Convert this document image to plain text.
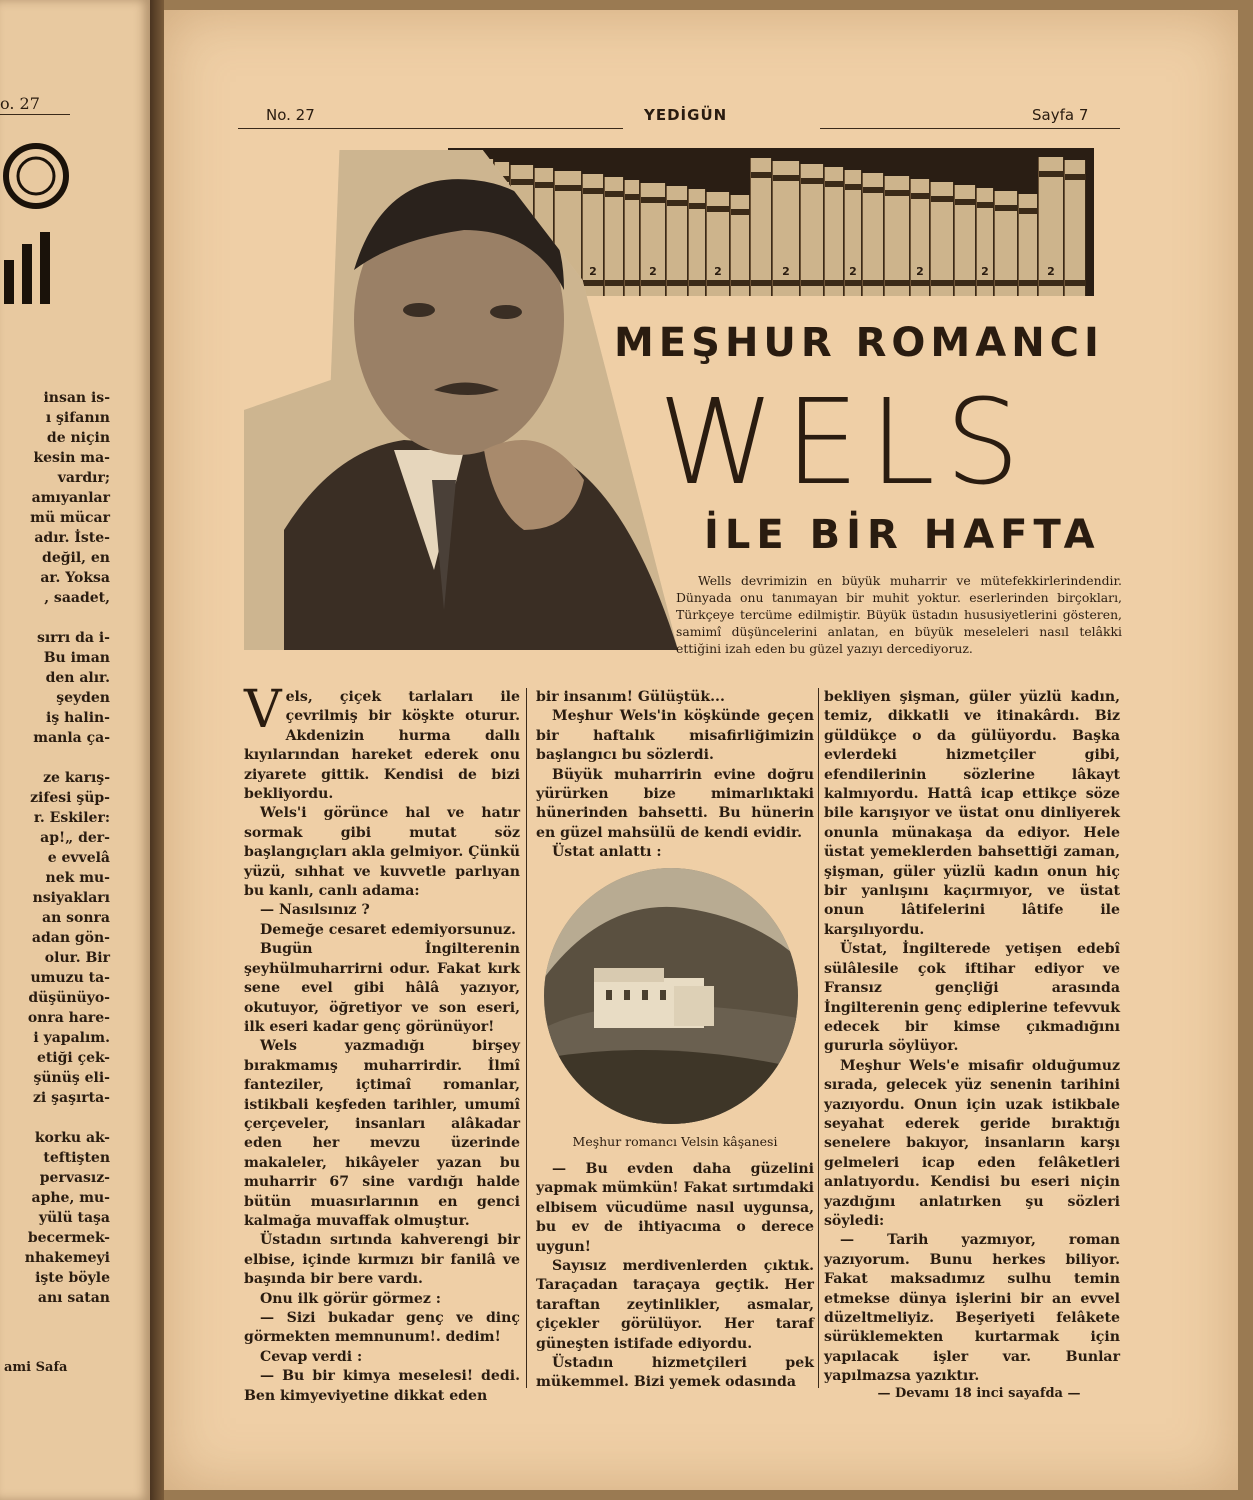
o. 27
insan is-
ı şifanın
de niçin
kesin ma-
vardır;
amıyanlar
mü mücar
adır. İste-
değil, en
ar. Yoksa
, saadet,

sırrı da i-
Bu iman
den alır.
şeyden
iş halin-
manla ça-

ze karış-
zifesi şüp-
r. Eskiler:
ap!„ der-
e evvelâ
nek mu-
nsiyakları
an sonra
adan gön-
olur. Bir
umuzu ta-
düşünüyo-
onra hare-
i yapalım.
etiği çek-
şünüş eli-
zi şaşırta-

korku ak-
teftişten
pervasız-
aphe, mu-
yülü taşa
becermek-
nhakemeyi
işte böyle
anı satan
ami Safa
No. 27	YEDİGÜN	Sayfa 7
2	2	2	2	2	2	2	2
MEŞHUR ROMANCI
WELS
İLE BİR HAFTA
Wells devrimizin en büyük muharrir ve mütefekkirlerindendir. Dünyada onu tanımayan bir muhit yoktur. eserlerinden birçokları, Türkçeye tercüme edilmiştir. Büyük üstadın hususiyetlerini gösteren, samimî düşüncelerini anlatan, en büyük meseleleri nasıl telâkki ettiğini izah eden bu güzel yazıyı dercediyoruz.

Vels, çiçek tarlaları ile çevrilmiş bir köşkte oturur. Akdenizin hurma dallı kıyılarından hareket ederek onu ziyarete gittik. Kendisi de bizi bekliyordu.

Wels'i görünce hal ve hatır sormak gibi mutat söz başlangıçları akla gelmiyor. Çünkü yüzü, sıhhat ve kuvvetle parlıyan bu kanlı, canlı adama:

— Nasılsınız ?

Demeğe cesaret edemiyorsunuz.

Bugün İngilterenin şeyhülmuharrirni odur. Fakat kırk sene evel gibi hâlâ yazıyor, okutuyor, öğretiyor ve son eseri, ilk eseri kadar genç görünüyor!

Wels yazmadığı birşey bırakmamış muharrirdir. İlmî fanteziler, içtimaî romanlar, istikbali keşfeden tarihler, umumî çerçeveler, insanları alâkadar eden her mevzu üzerinde makaleler, hikâyeler yazan bu muharrir 67 sine vardığı halde bütün muasırlarının en genci kalmağa muvaffak olmuştur.

Üstadın sırtında kahverengi bir elbise, içinde kırmızı bir fanilâ ve başında bir bere vardı.

Onu ilk görür görmez :

— Sizi bukadar genç ve dinç görmekten memnunum!. dedim!

Cevap verdi :

— Bu bir kimya meselesi! dedi. Ben kimyeviyetine dikkat eden

bir insanım! Gülüştük...

Meşhur Wels'in köşkünde geçen bir haftalık misafirliğimizin başlangıcı bu sözlerdi.

Büyük muharririn evine doğru yürürken bize mimarlıktaki hünerinden bahsetti. Bu hünerin en güzel mahsülü de kendi evidir.

Üstat anlattı :

Meşhur romancı Velsin kâşanesi

— Bu evden daha güzelini yapmak mümkün! Fakat sırtımdaki elbisem vücudüme nasıl uygunsa, bu ev de ihtiyacıma o derece uygun!

Sayısız merdivenlerden çıktık. Taraçadan taraçaya geçtik. Her taraftan zeytinlikler, asmalar, çiçekler görülüyor. Her taraf güneşten istifade ediyordu.

Üstadın hizmetçileri pek mükemmel. Bizi yemek odasında

bekliyen şişman, güler yüzlü kadın, temiz, dikkatli ve itinakârdı. Biz güldükçe o da gülüyordu. Başka evlerdeki hizmetçiler gibi, efendilerinin sözlerine lâkayt kalmıyordu. Hattâ icap ettikçe söze bile karışıyor ve üstat onu dinliyerek onunla münakaşa da ediyor. Hele üstat yemeklerden bahsettiği zaman, şişman, güler yüzlü kadın onun hiç bir yanlışını kaçırmıyor, ve üstat onun lâtifelerini lâtife ile karşılıyordu.

Üstat, İngilterede yetişen edebî sülâlesile çok iftihar ediyor ve Fransız gençliği arasında İngilterenin genç ediplerine tefevvuk edecek bir kimse çıkmadığını gururla söylüyor.

Meşhur Wels'e misafir olduğumuz sırada, gelecek yüz senenin tarihini yazıyordu. Onun için uzak istikbale seyahat ederek geride bıraktığı senelere bakıyor, insanların karşı gelmeleri icap eden felâketleri anlatıyordu. Kendisi bu eseri niçin yazdığını anlatırken şu sözleri söyledi:

— Tarih yazmıyor, roman yazıyorum. Bunu herkes biliyor. Fakat maksadımız sulhu temin etmekse dünya işlerini bir an evvel düzeltmeliyiz. Beşeriyeti felâkete sürüklemekten kurtarmak için yapılacak işler var. Bunlar yapılmazsa yazıktır.

— Devamı 18 inci sayafda —
